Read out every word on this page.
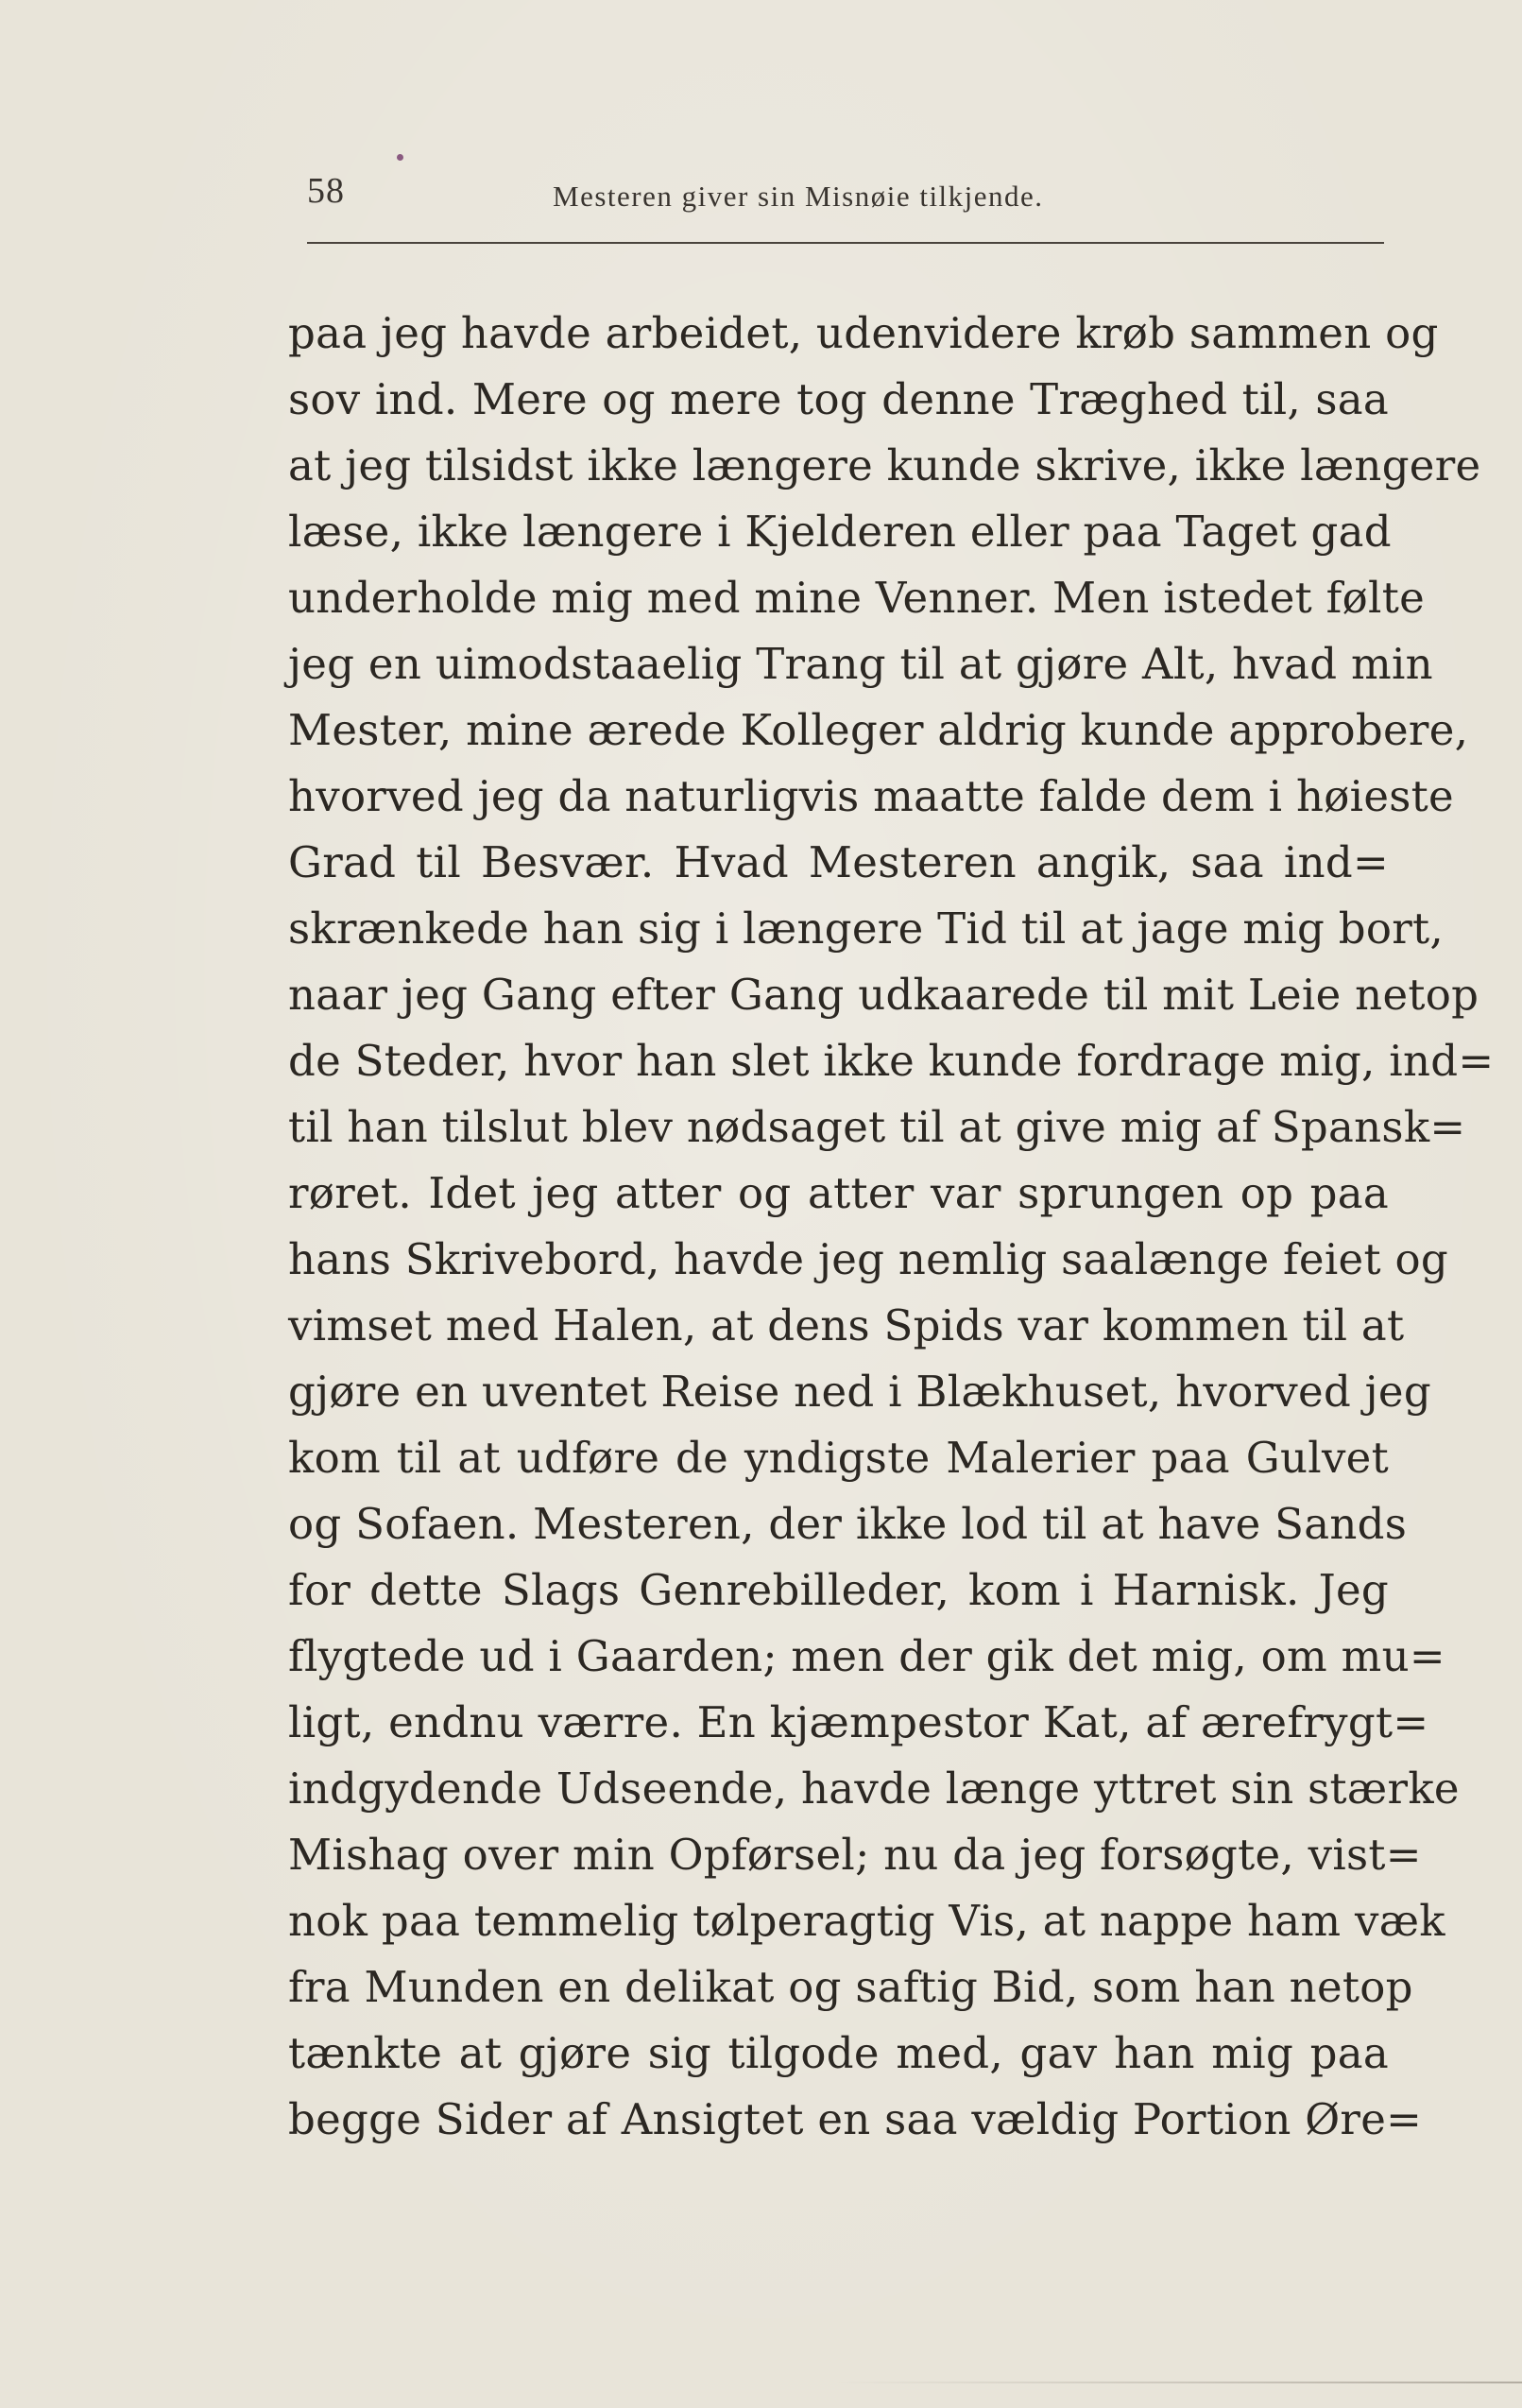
58	Mesteren giver sin Misnøie tilkjende.
paa jeg havde arbeidet, udenvidere krøb sammen og
sov ind. Mere og mere tog denne Træghed til, saa
at jeg tilsidst ikke længere kunde skrive, ikke længere
læse, ikke længere i Kjelderen eller paa Taget gad
underholde mig med mine Venner. Men istedet følte
jeg en uimodstaaelig Trang til at gjøre Alt, hvad min
Mester, mine ærede Kolleger aldrig kunde approbere,
hvorved jeg da naturligvis maatte falde dem i høieste
Grad til Besvær. Hvad Mesteren angik, saa ind=
skrænkede han sig i længere Tid til at jage mig bort,
naar jeg Gang efter Gang udkaarede til mit Leie netop
de Steder, hvor han slet ikke kunde fordrage mig, ind=
til han tilslut blev nødsaget til at give mig af Spansk=
røret. Idet jeg atter og atter var sprungen op paa
hans Skrivebord, havde jeg nemlig saalænge feiet og
vimset med Halen, at dens Spids var kommen til at
gjøre en uventet Reise ned i Blækhuset, hvorved jeg
kom til at udføre de yndigste Malerier paa Gulvet
og Sofaen. Mesteren, der ikke lod til at have Sands
for dette Slags Genrebilleder, kom i Harnisk. Jeg
flygtede ud i Gaarden; men der gik det mig, om mu=
ligt, endnu værre. En kjæmpestor Kat, af ærefrygt=
indgydende Udseende, havde længe yttret sin stærke
Mishag over min Opførsel; nu da jeg forsøgte, vist=
nok paa temmelig tølperagtig Vis, at nappe ham væk
fra Munden en delikat og saftig Bid, som han netop
tænkte at gjøre sig tilgode med, gav han mig paa
begge Sider af Ansigtet en saa vældig Portion Øre=
